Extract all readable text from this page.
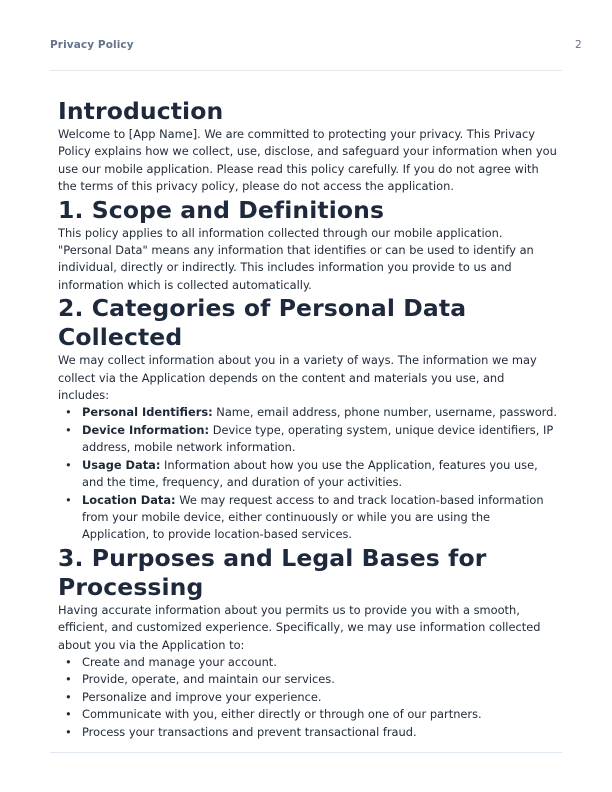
Privacy Policy	2
Introduction

Welcome to [App Name]. We are committed to protecting your privacy. This Privacy Policy explains how we collect, use, disclose, and safeguard your information when you use our mobile application. Please read this policy carefully. If you do not agree with the terms of this privacy policy, please do not access the application.

1. Scope and Definitions

This policy applies to all information collected through our mobile application. "Personal Data" means any information that identifies or can be used to identify an individual, directly or indirectly. This includes information you provide to us and information which is collected automatically.

2. Categories of Personal Data Collected

We may collect information about you in a variety of ways. The information we may collect via the Application depends on the content and materials you use, and includes:

• Personal Identifiers: Name, email address, phone number, username, password.
• Device Information: Device type, operating system, unique device identifiers, IP address, mobile network information.
• Usage Data: Information about how you use the Application, features you use, and the time, frequency, and duration of your activities.
• Location Data: We may request access to and track location-based information from your mobile device, either continuously or while you are using the Application, to provide location-based services.
3. Purposes and Legal Bases for Processing

Having accurate information about you permits us to provide you with a smooth, efficient, and customized experience. Specifically, we may use information collected about you via the Application to:

• Create and manage your account.
• Provide, operate, and maintain our services.
• Personalize and improve your experience.
• Communicate with you, either directly or through one of our partners.
• Process your transactions and prevent transactional fraud.
